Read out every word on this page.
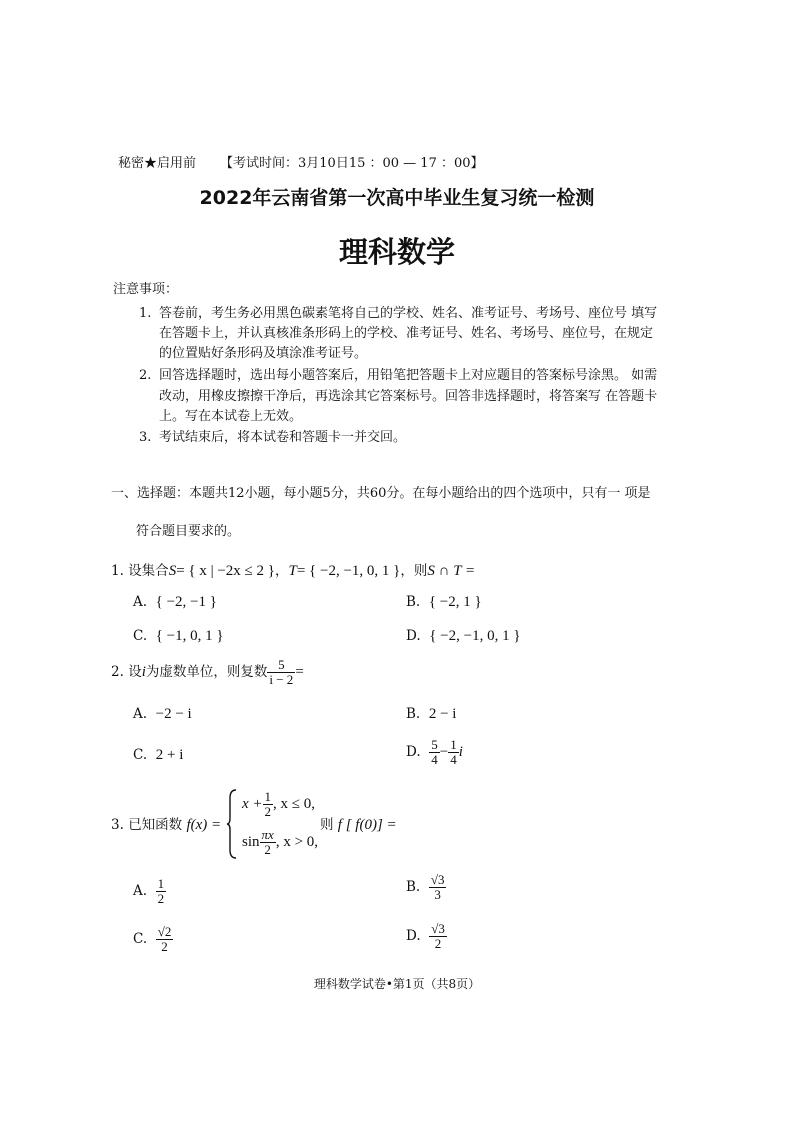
秘密★启用前 【考试时间：3月10日15 ：00 — 17 ：00】
2022年云南省第一次高中毕业生复习统一检测
理科数学
注意事项：
1. 答卷前，考生务必用黑色碳素笔将自己的学校、姓名、准考证号、考场号、座位号 填写
在答题卡上，并认真核准条形码上的学校、准考证号、姓名、考场号、座位号，在规定
的位置贴好条形码及填涂准考证号。
2. 回答选择题时，选出每小题答案后，用铅笔把答题卡上对应题目的答案标号涂黑。 如需
改动，用橡皮擦擦干净后，再选涂其它答案标号。回答非选择题时，将答案写 在答题卡
上。写在本试卷上无效。
3. 考试结束后，将本试卷和答题卡一并交回。
一、选择题：本题共12小题，每小题5分，共60分。在每小题给出的四个选项中，只有一 项是
符合题目要求的。
1. 设集合S= { x | −2x ≤ 2 }，T= { −2, −1, 0, 1 }，则S ∩ T =
A. { −2, −1 }	B. { −2, 1 }
C. { −1, 0, 1 }	D. { −2, −1, 0, 1 }
2. 设i为虚数单位，则复数 $\frac{5}{i - 2}$ =
A. −2 − i	B. 2 − i
C. 2 + i	D. $\frac{5}{4} - \frac{1}{4}$ i
3. 已知函数 f(x) =
$x + \frac{1}{2}$ , x ≤ 0,
$\sin \frac{\pi x}{2}$ , x > 0,
则 f [ f(0)] =
A. $\frac{1}{2}$	B. $\frac{√3}{3}$
C. $\frac{√2}{2}$	D. $\frac{√3}{2}$
理科数学试卷•第1页（共8页）
